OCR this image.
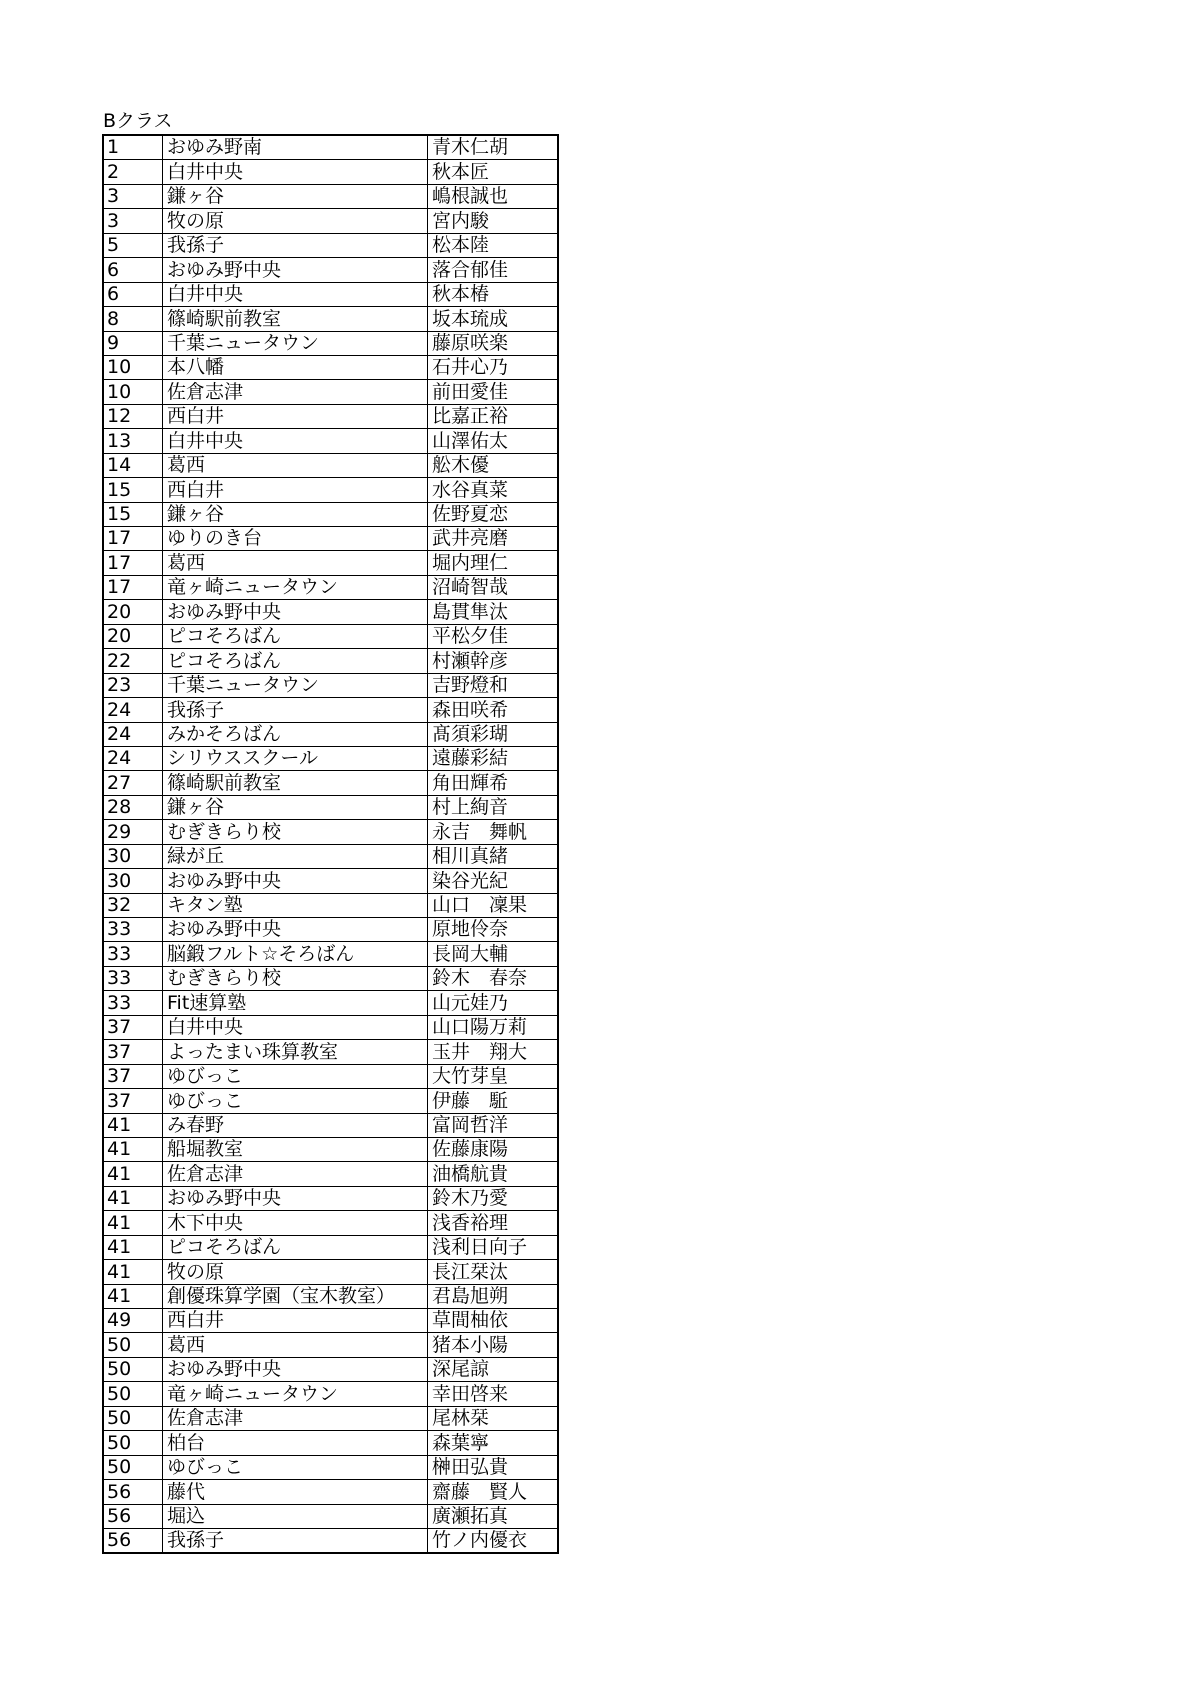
Bクラス
1	おゆみ野南	青木仁胡
2	白井中央	秋本匠
3	鎌ヶ谷	嶋根誠也
3	牧の原	宮内駿
5	我孫子	松本陸
6	おゆみ野中央	落合郁佳
6	白井中央	秋本椿
8	篠崎駅前教室	坂本琉成
9	千葉ニュータウン	藤原咲楽
10	本八幡	石井心乃
10	佐倉志津	前田愛佳
12	西白井	比嘉正裕
13	白井中央	山澤佑太
14	葛西	舩木優
15	西白井	水谷真菜
15	鎌ヶ谷	佐野夏恋
17	ゆりのき台	武井亮磨
17	葛西	堀内理仁
17	竜ヶ崎ニュータウン	沼崎智哉
20	おゆみ野中央	島貫隼汰
20	ピコそろばん	平松夕佳
22	ピコそろばん	村瀬幹彦
23	千葉ニュータウン	吉野燈和
24	我孫子	森田咲希
24	みかそろばん	髙須彩瑚
24	シリウススクール	遠藤彩結
27	篠崎駅前教室	角田輝希
28	鎌ヶ谷	村上絢音
29	むぎきらり校	永吉　舞帆
30	緑が丘	相川真緒
30	おゆみ野中央	染谷光紀
32	キタン塾	山口　凜果
33	おゆみ野中央	原地伶奈
33	脳鍛フルト☆そろばん	長岡大輔
33	むぎきらり校	鈴木　春奈
33	Fit速算塾	山元娃乃
37	白井中央	山口陽万莉
37	よったまい珠算教室	玉井　翔大
37	ゆびっこ	大竹芽皇
37	ゆびっこ	伊藤　駈
41	み春野	富岡哲洋
41	船堀教室	佐藤康陽
41	佐倉志津	油橋航貴
41	おゆみ野中央	鈴木乃愛
41	木下中央	浅香裕理
41	ピコそろばん	浅利日向子
41	牧の原	長江栞汰
41	創優珠算学園（宝木教室）	君島旭朔
49	西白井	草間柚依
50	葛西	猪本小陽
50	おゆみ野中央	深尾諒
50	竜ヶ崎ニュータウン	幸田啓来
50	佐倉志津	尾林栞
50	柏台	森葉寧
50	ゆびっこ	榊田弘貴
56	藤代	齋藤　賢人
56	堀込	廣瀬拓真
56	我孫子	竹ノ内優衣
